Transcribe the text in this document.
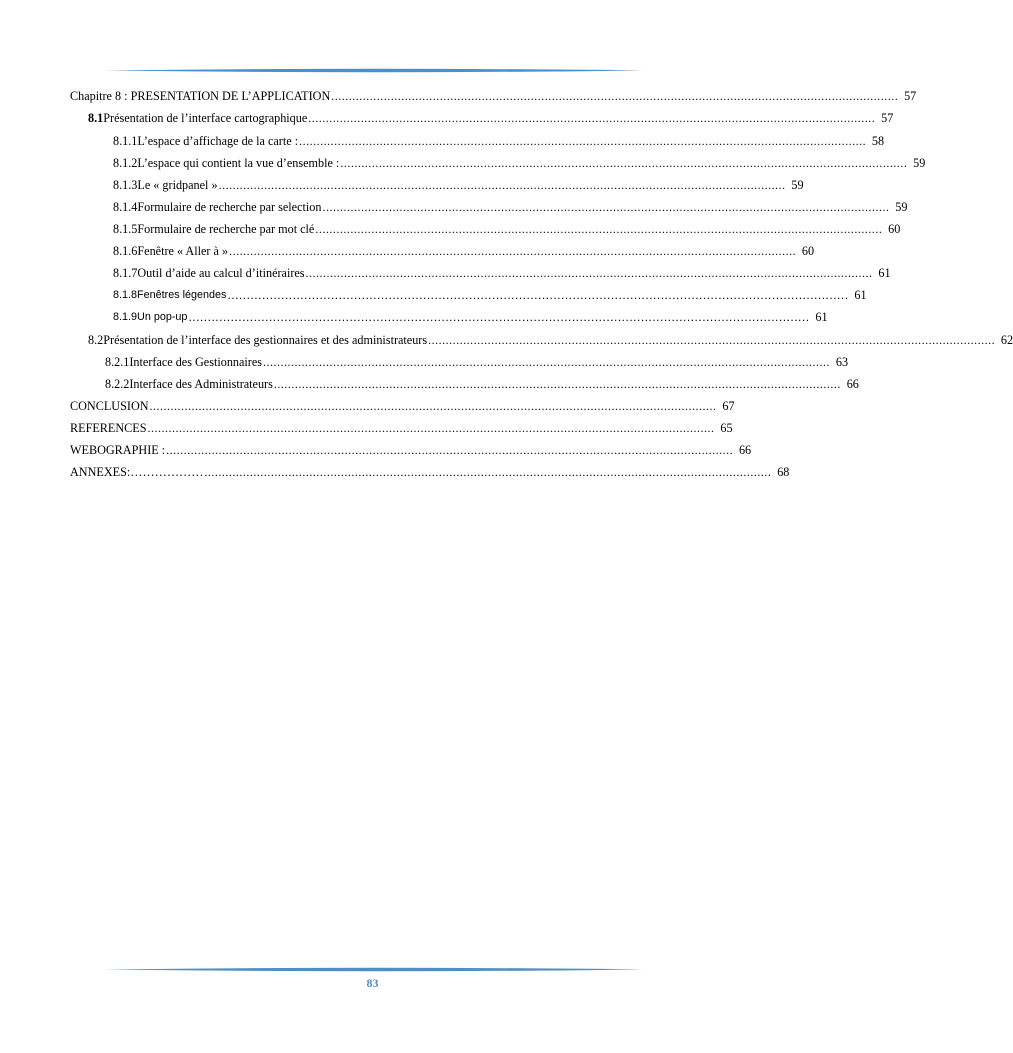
Chapitre 8 : PRESENTATION DE L’APPLICATION .................................................................................................................................................................. 57
8.1 Présentation de l’interface cartographique .................................................................................................................................................................. 57
8.1.1 L’espace d’affichage de la carte : .................................................................................................................................................................. 58
8.1.2 L’espace qui contient la vue d’ensemble : .................................................................................................................................................................. 59
8.1.3 Le « gridpanel » .................................................................................................................................................................. 59
8.1.4 Formulaire de recherche par selection .................................................................................................................................................................. 59
8.1.5 Formulaire de recherche par mot clé .................................................................................................................................................................. 60
8.1.6 Fenêtre « Aller à » .................................................................................................................................................................. 60
8.1.7 Outil d’aide au calcul d’itinéraires .................................................................................................................................................................. 61
8.1.8 Fenêtres légendes .................................................................................................................................................................. 61
8.1.9 Un pop-up .................................................................................................................................................................. 61
8.2 Présentation de l’interface des gestionnaires et des administrateurs .................................................................................................................................................................. 62
8.2.1 Interface des Gestionnaires .................................................................................................................................................................. 63
8.2.2 Interface des Administrateurs .................................................................................................................................................................. 66
CONCLUSION .................................................................................................................................................................. 67
REFERENCES .................................................................................................................................................................. 65
WEBOGRAPHIE : .................................................................................................................................................................. 66
ANNEXES:……………… .................................................................................................................................................................. 68
83
